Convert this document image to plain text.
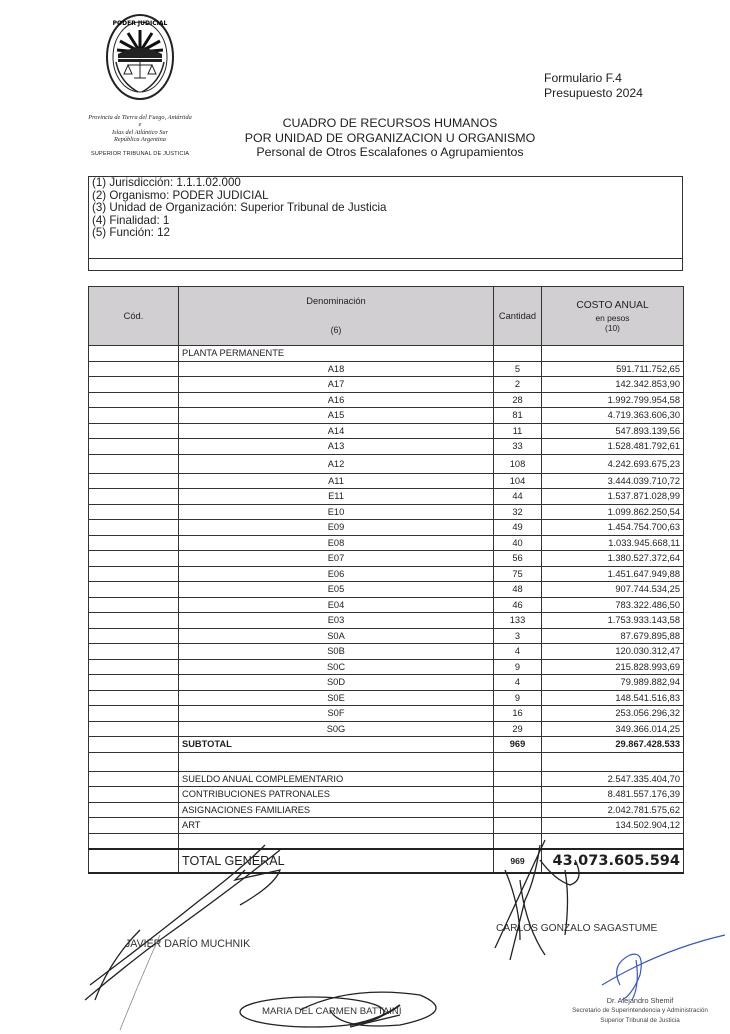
PODER JUDICIAL
Provincia de Tierra del Fuego, Antártida e
Islas del Atlántico Sur
República Argentina
SUPERIOR TRIBUNAL DE JUSTICIA
Formulario F.4
Presupuesto 2024
CUADRO DE RECURSOS HUMANOS
POR UNIDAD DE ORGANIZACION U ORGANISMO
Personal de Otros Escalafones o Agrupamientos
(1) Jurisdicción: 1.1.1.02.000
(2) Organismo: PODER JUDICIAL
(3) Unidad de Organización: Superior Tribunal de Justicia
(4) Finalidad: 1
(5) Función: 12
Cód.	Denominación
(6)	Cantidad	COSTO ANUAL
en pesos
(10)

	PLANTA PERMANENTE		
	A18	5	591.711.752,65
	A17	2	142.342.853,90
	A16	28	1.992.799.954,58
	A15	81	4.719.363.606,30
	A14	11	547.893.139,56
	A13	33	1.528.481.792,61
	A12	108	4.242.693.675,23
	A11	104	3.444.039.710,72
	E11	44	1.537.871.028,99
	E10	32	1.099.862.250,54
	E09	49	1.454.754.700,63
	E08	40	1.033.945.668,11
	E07	56	1.380.527.372,64
	E06	75	1.451.647.949,88
	E05	48	907.744.534,25
	E04	46	783.322.486,50
	E03	133	1.753.933.143,58
	S0A	3	87.679.895,88
	S0B	4	120.030.312,47
	S0C	9	215.828.993,69
	S0D	4	79.989.882,94
	S0E	9	148.541.516,83
	S0F	16	253.056.296,32
	S0G	29	349.366.014,25
	SUBTOTAL	969	29.867.428.533

	SUELDO ANUAL COMPLEMENTARIO		2.547.335.404,70
	CONTRIBUCIONES PATRONALES		8.481.557.176,39
	ASIGNACIONES FAMILIARES		2.042.781.575,62
	ART		134.502.904,12

	TOTAL GENERAL	969	43.073.605.594
JAVIER DARÍO MUCHNIK
MARIA DEL CARMEN BATTAINI
CARLOS GONZALO SAGASTUME
Dr. Alejandro Shemif
Secretario de Superintendencia y Administración
Superior Tribunal de Justicia
